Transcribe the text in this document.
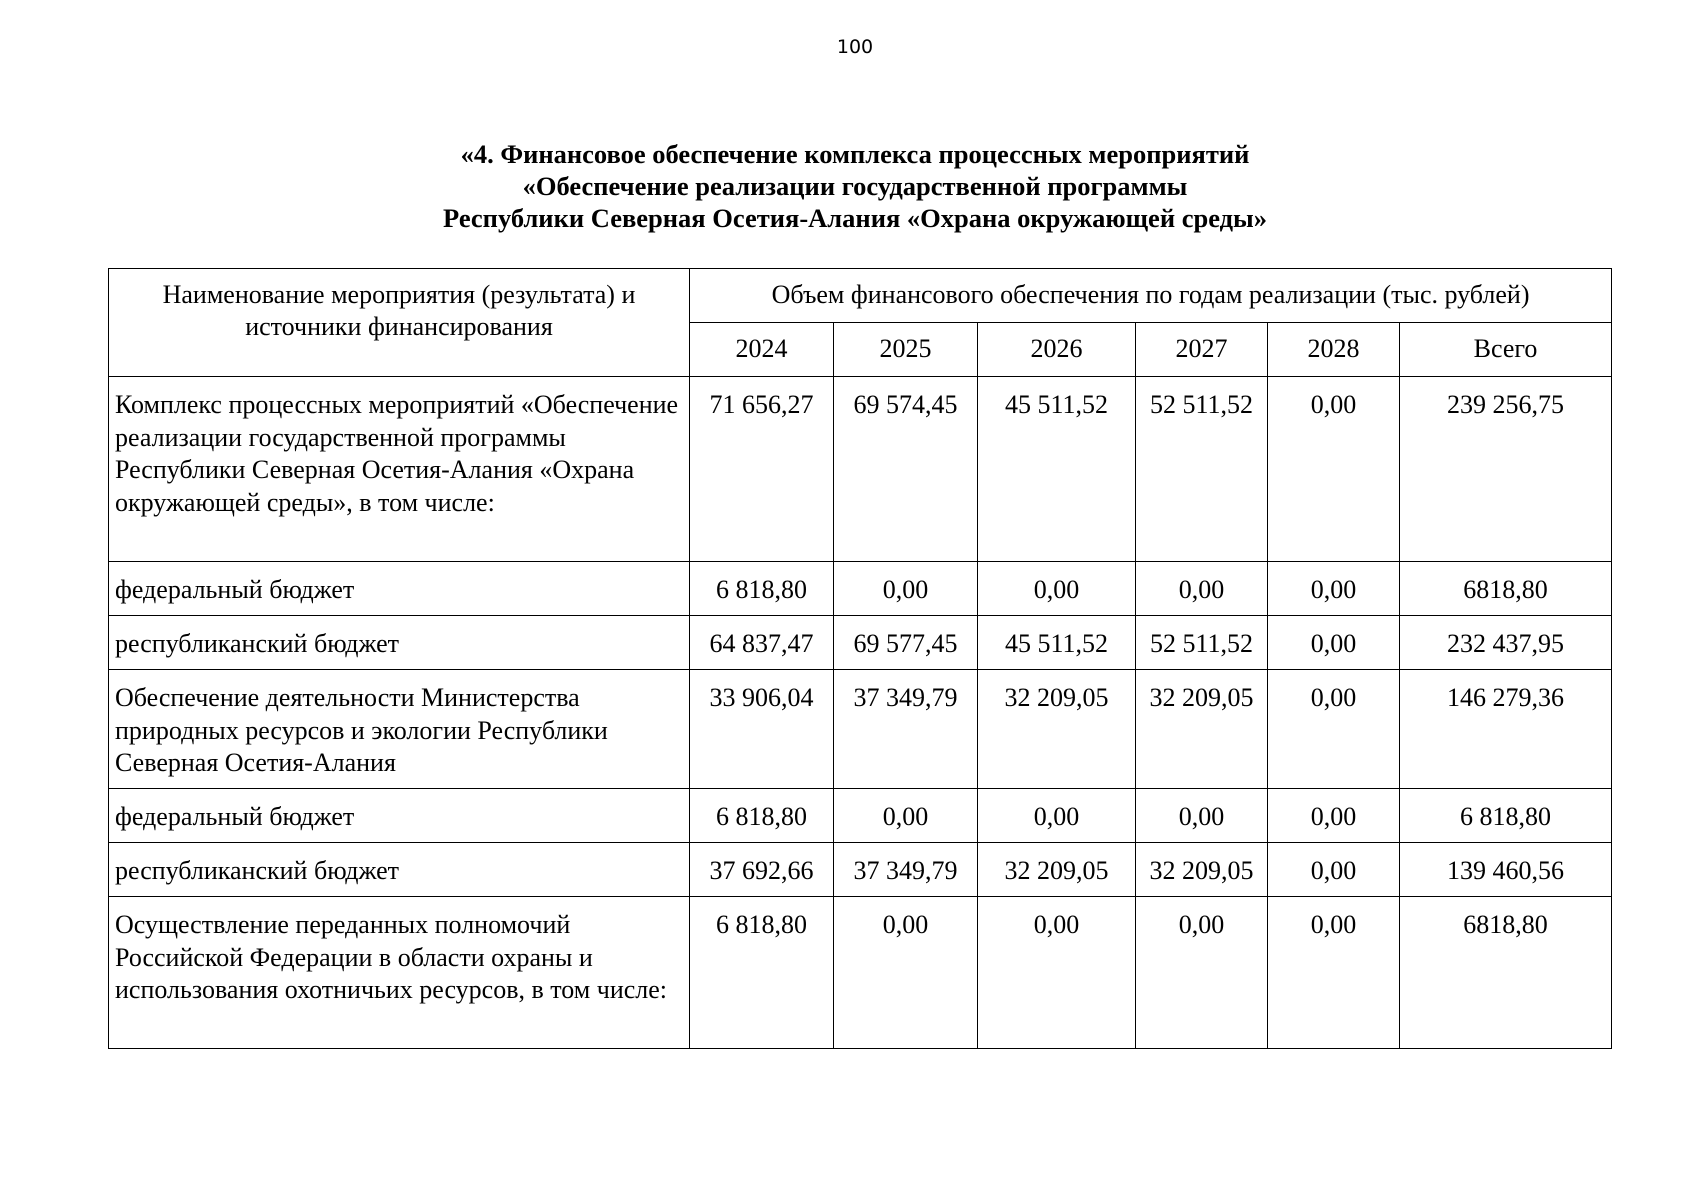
100
«4. Финансовое обеспечение комплекса процессных мероприятий
«Обеспечение реализации государственной программы
Республики Северная Осетия-Алания «Охрана окружающей среды»
Наименование мероприятия (результата) и источники финансирования	Объем финансового обеспечения по годам реализации (тыс. рублей)					
	2024	2025	2026	2027	2028	Всего
Комплекс процессных мероприятий «Обеспечение реализации государственной программы Республики Северная Осетия-Алания «Охрана окружающей среды», в том числе:	71 656,27	69 574,45	45 511,52	52 511,52	0,00	239 256,75
федеральный бюджет	6 818,80	0,00	0,00	0,00	0,00	6818,80
республиканский бюджет	64 837,47	69 577,45	45 511,52	52 511,52	0,00	232 437,95
Обеспечение деятельности Министерства природных ресурсов и экологии Республики Северная Осетия-Алания	33 906,04	37 349,79	32 209,05	32 209,05	0,00	146 279,36
федеральный бюджет	6 818,80	0,00	0,00	0,00	0,00	6 818,80
республиканский бюджет	37 692,66	37 349,79	32 209,05	32 209,05	0,00	139 460,56
Осуществление переданных полномочий Российской Федерации в области охраны и использования охотничьих ресурсов, в том числе:	6 818,80	0,00	0,00	0,00	0,00	6818,80
